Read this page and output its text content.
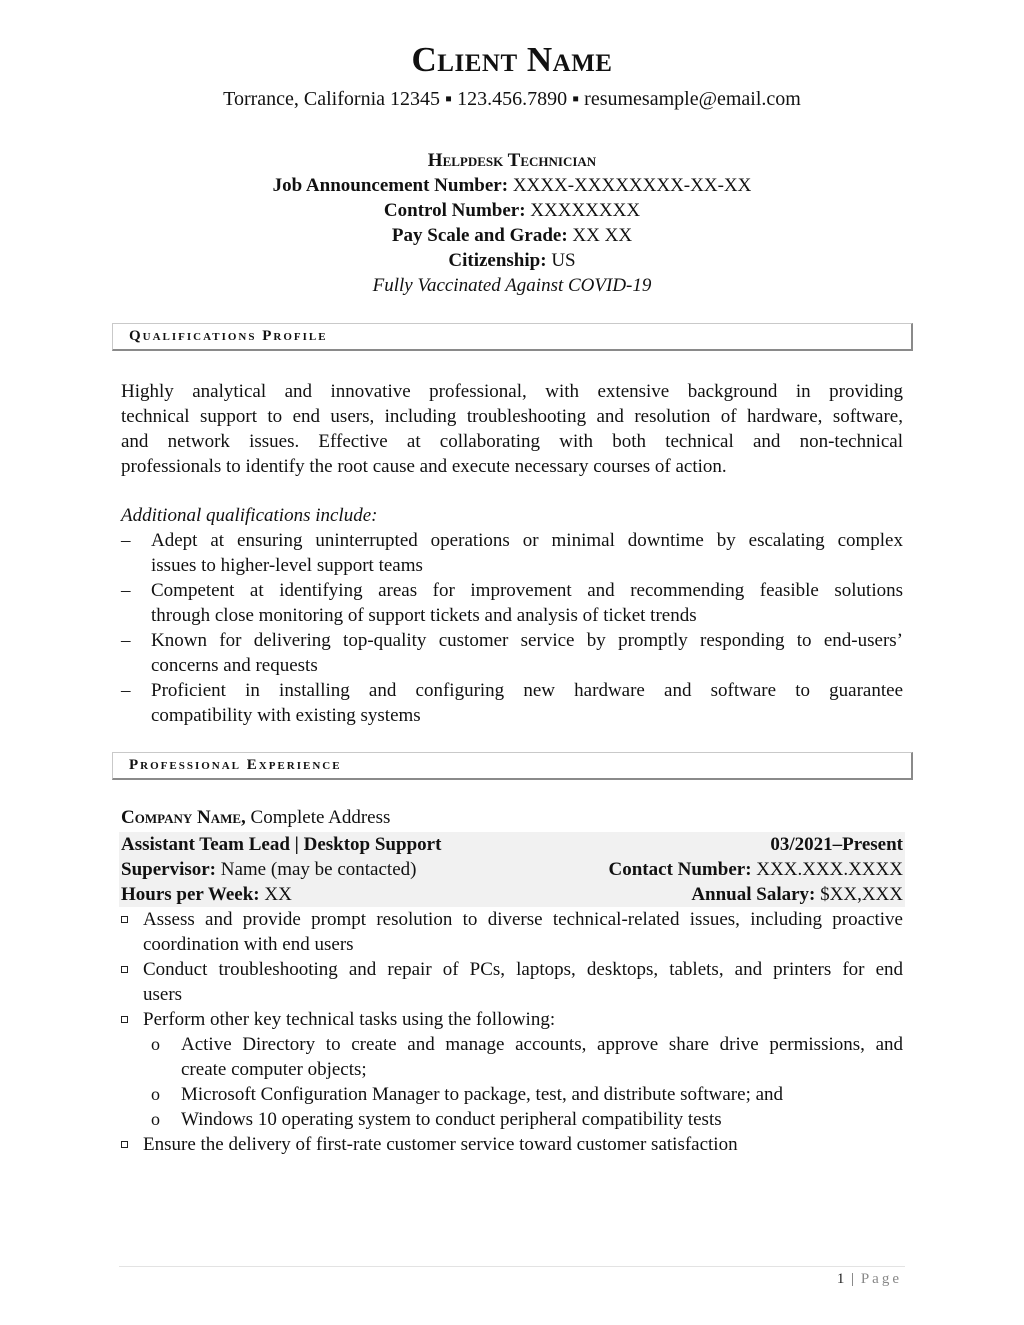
Client Name
Torrance, California 12345 ▪ 123.456.7890 ▪ resumesample@email.com
Helpdesk Technician
Job Announcement Number: XXXX-XXXXXXXX-XX-XX
Control Number: XXXXXXXX
Pay Scale and Grade: XX XX
Citizenship: US
Fully Vaccinated Against COVID-19
Qualifications Profile
Highly analytical and innovative professional, with extensive background in providing
technical support to end users, including troubleshooting and resolution of hardware, software,
and network issues. Effective at collaborating with both technical and non-technical
professionals to identify the root cause and execute necessary courses of action.
Additional qualifications include:
– Adept at ensuring uninterrupted operations or minimal downtime by escalating complex
issues to higher-level support teams
– Competent at identifying areas for improvement and recommending feasible solutions
through close monitoring of support tickets and analysis of ticket trends
– Known for delivering top-quality customer service by promptly responding to end-users’
concerns and requests
– Proficient in installing and configuring new hardware and software to guarantee
compatibility with existing systems
Professional Experience
Company Name, Complete Address
Assistant Team Lead | Desktop Support	03/2021–Present
Supervisor: Name (may be contacted)	Contact Number: XXX.XXX.XXXX
Hours per Week: XX	Annual Salary: $XX,XXX
Assess and provide prompt resolution to diverse technical-related issues, including proactive
coordination with end users
Conduct troubleshooting and repair of PCs, laptops, desktops, tablets, and printers for end
users
Perform other key technical tasks using the following:
o Active Directory to create and manage accounts, approve share drive permissions, and
create computer objects;
o Microsoft Configuration Manager to package, test, and distribute software; and
o Windows 10 operating system to conduct peripheral compatibility tests
Ensure the delivery of first-rate customer service toward customer satisfaction
1 | Page
